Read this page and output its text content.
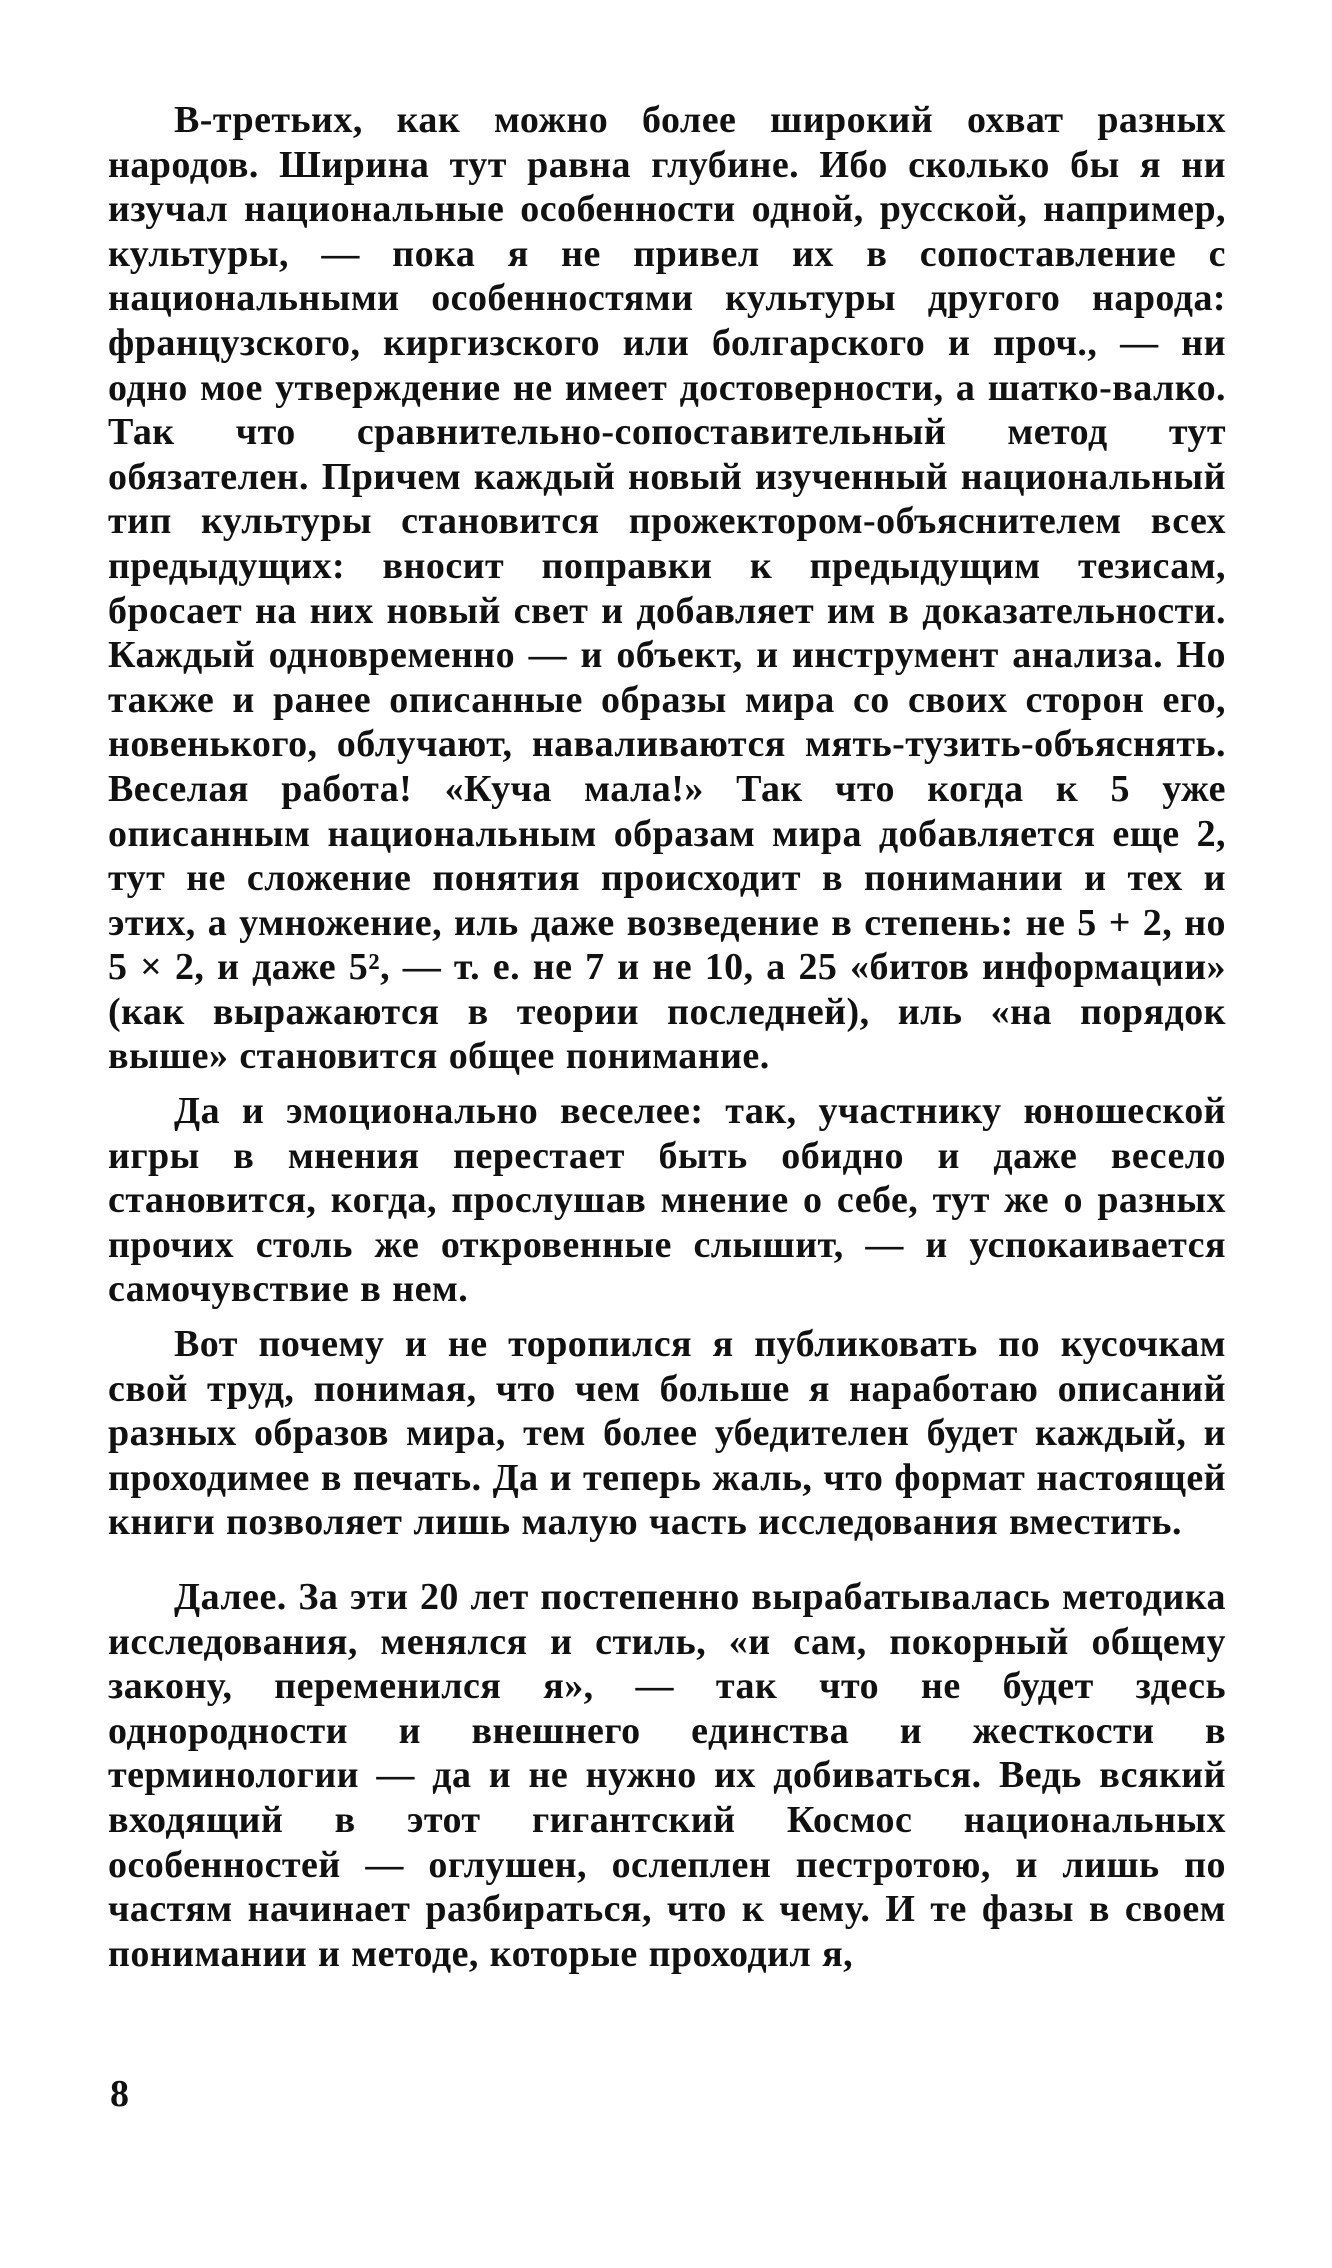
В-третьих, как можно более широкий охват разных народов. Ширина тут равна глубине. Ибо сколько бы я ни изучал национальные особенности одной, русской, например, культуры, — пока я не привел их в сопоставление с национальными особенностями культуры другого народа: французского, киргизского или болгарского и проч., — ни одно мое утверждение не имеет достоверности, а шатко-валко. Так что сравнительно-сопоставительный метод тут обязателен. Причем каждый новый изученный национальный тип культуры становится прожектором-объяснителем всех предыдущих: вносит поправки к предыдущим тезисам, бросает на них новый свет и добавляет им в доказательности. Каждый одновременно — и объект, и инструмент анализа. Но также и ранее описанные образы мира со своих сторон его, новенького, облучают, наваливаются мять-тузить-объяснять. Веселая работа! «Куча мала!» Так что когда к 5 уже описанным национальным образам мира добавляется еще 2, тут не сложение понятия происходит в понимании и тех и этих, а умножение, иль даже возведение в степень: не 5 + 2, но 5 × 2, и даже 5², — т. е. не 7 и не 10, а 25 «битов информации» (как выражаются в теории последней), иль «на порядок выше» становится общее понимание.

Да и эмоционально веселее: так, участнику юношеской игры в мнения перестает быть обидно и даже весело становится, когда, прослушав мнение о себе, тут же о разных прочих столь же откровенные слышит, — и успокаивается самочувствие в нем.

Вот почему и не торопился я публиковать по кусочкам свой труд, понимая, что чем больше я наработаю описаний разных образов мира, тем более убедителен будет каждый, и проходимее в печать. Да и теперь жаль, что формат настоящей книги позволяет лишь малую часть исследования вместить.

Далее. За эти 20 лет постепенно вырабатывалась методика исследования, менялся и стиль, «и сам, покорный общему закону, переменился я», — так что не будет здесь однородности и внешнего единства и жесткости в терминологии — да и не нужно их добиваться. Ведь всякий входящий в этот гигантский Космос национальных особенностей — оглушен, ослеплен пестротою, и лишь по частям начинает разбираться, что к чему. И те фазы в своем понимании и методе, которые проходил я,

8
